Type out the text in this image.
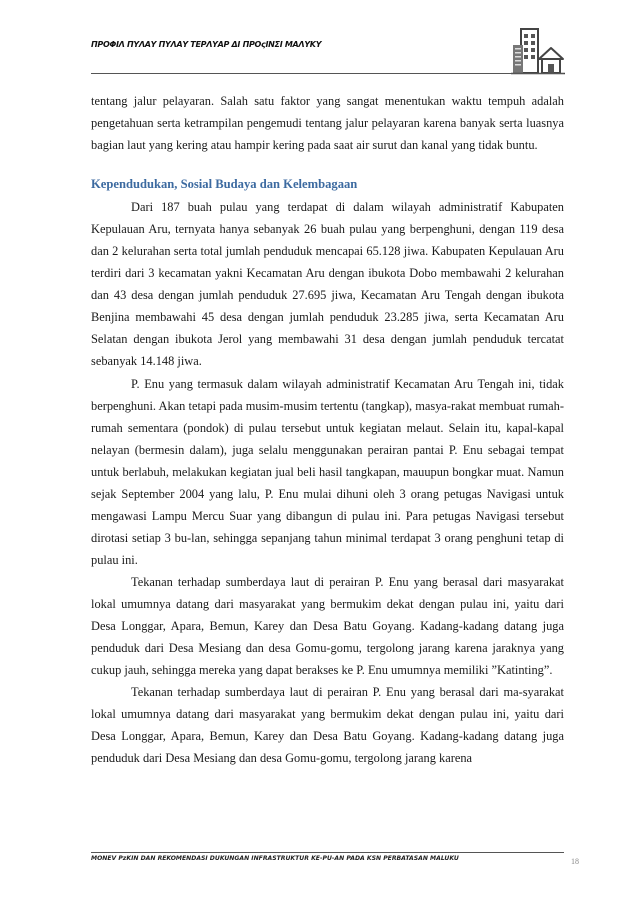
ΠΡΟΦΙΛ ΠΥΛΑΥ ΠΥΛΑΥ ΤΕΡΛΥΑΡ ΔΙ ΠΡΟςΙΝΣΙ ΜΑΛΥΚΥ

tentang jalur pelayaran. Salah satu faktor yang sangat menentukan waktu tempuh adalah pengetahuan serta ketrampilan pengemudi tentang jalur pelayaran karena banyak serta luasnya bagian laut yang kering atau hampir kering pada saat air surut dan kanal yang tidak buntu.

Kependudukan, Sosial Budaya dan Kelembagaan

Dari 187 buah pulau yang terdapat di dalam wilayah administratif Kabupaten Kepulauan Aru, ternyata hanya sebanyak 26 buah pulau yang berpenghuni, dengan 119 desa dan 2 kelurahan serta total jumlah penduduk mencapai 65.128 jiwa. Kabupaten Kepulauan Aru terdiri dari 3 kecamatan yakni Kecamatan Aru dengan ibukota Dobo membawahi 2 kelurahan dan 43 desa dengan jumlah penduduk 27.695 jiwa, Kecamatan Aru Tengah dengan ibukota Benjina membawahi 45 desa dengan jumlah penduduk 23.285 jiwa, serta Kecamatan Aru Selatan dengan ibukota Jerol yang membawahi 31 desa dengan jumlah penduduk tercatat sebanyak 14.148 jiwa.

P. Enu yang termasuk dalam wilayah administratif Kecamatan Aru Tengah ini, tidak berpenghuni. Akan tetapi pada musim-musim tertentu (tangkap), masya-rakat membuat rumah-rumah sementara (pondok) di pulau tersebut untuk kegiatan melaut. Selain itu, kapal-kapal nelayan (bermesin dalam), juga selalu menggunakan perairan pantai P. Enu sebagai tempat untuk berlabuh, melakukan kegiatan jual beli hasil tangkapan, mauupun bongkar muat. Namun sejak September 2004 yang lalu, P. Enu mulai dihuni oleh 3 orang petugas Navigasi untuk mengawasi Lampu Mercu Suar yang dibangun di pulau ini. Para petugas Navigasi tersebut dirotasi setiap 3 bu-lan, sehingga sepanjang tahun minimal terdapat 3 orang penghuni tetap di pulau ini.

Tekanan terhadap sumberdaya laut di perairan P. Enu yang berasal dari masyarakat lokal umumnya datang dari masyarakat yang bermukim dekat dengan pulau ini, yaitu dari Desa Longgar, Apara, Bemun, Karey dan Desa Batu Goyang. Kadang-kadang datang juga penduduk dari Desa Mesiang dan desa Gomu-gomu, tergolong jarang karena jaraknya yang cukup jauh, sehingga mereka yang dapat berakses ke P. Enu umumnya memiliki ”Katinting”.

Tekanan terhadap sumberdaya laut di perairan P. Enu yang berasal dari ma-syarakat lokal umumnya datang dari masyarakat yang bermukim dekat dengan pulau ini, yaitu dari Desa Longgar, Apara, Bemun, Karey dan Desa Batu Goyang. Kadang-kadang datang juga penduduk dari Desa Mesiang dan desa Gomu-gomu, tergolong jarang karena

MONEV PzKIN DAN REKOMENDASI DUKUNGAN INFRASTRUKTUR KE-PU-AN PADA KSN PERBATASAN MALUKU	18
